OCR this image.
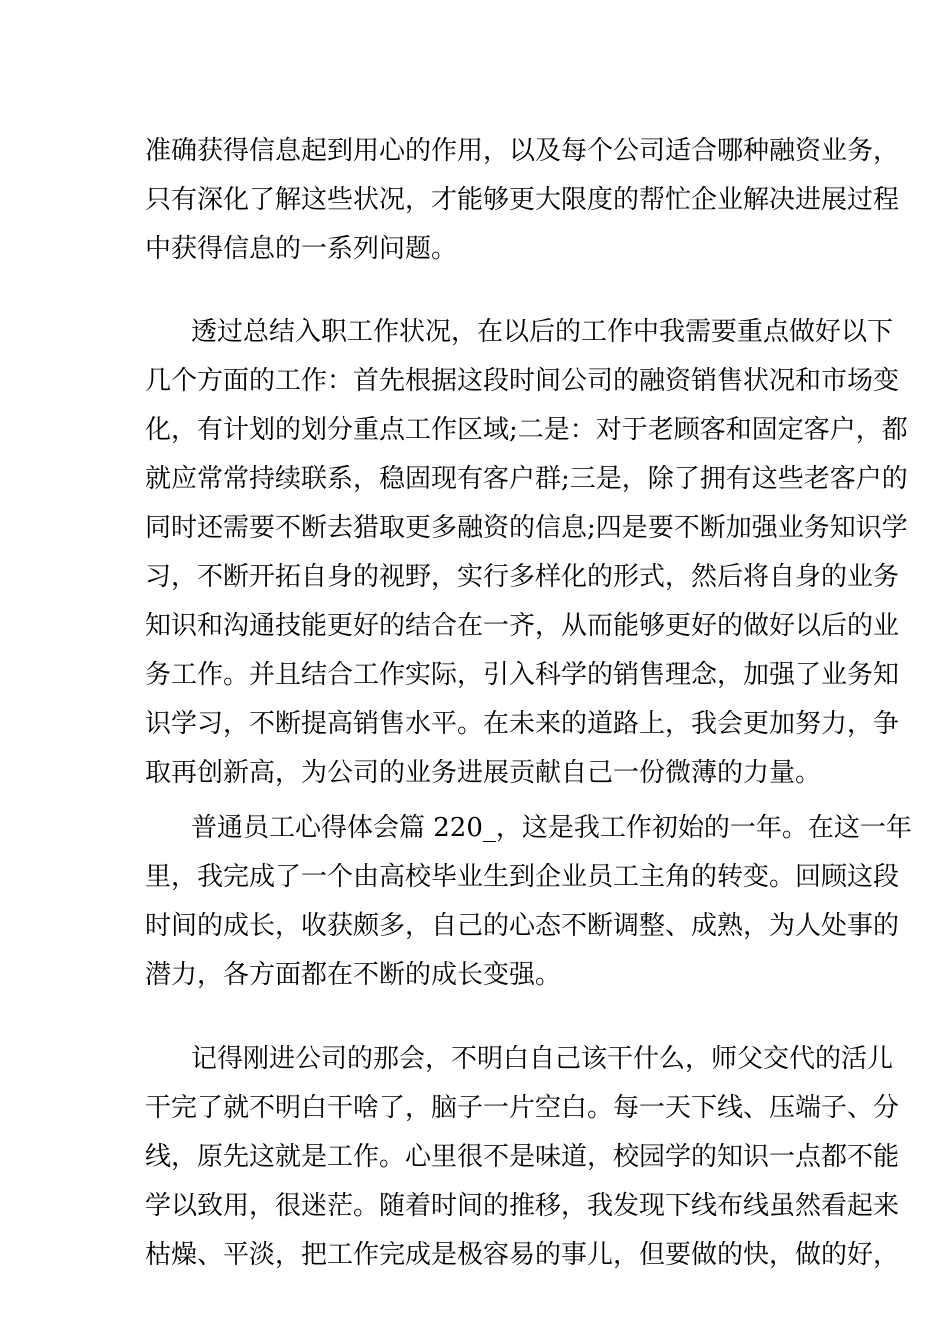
准确获得信息起到用心的作用，以及每个公司适合哪种融资业务，
只有深化了解这些状况，才能够更大限度的帮忙企业解决进展过程
中获得信息的一系列问题。
透过总结入职工作状况，在以后的工作中我需要重点做好以下
几个方面的工作：首先根据这段时间公司的融资销售状况和市场变
化，有计划的划分重点工作区域;二是：对于老顾客和固定客户，都
就应常常持续联系，稳固现有客户群;三是，除了拥有这些老客户的
同时还需要不断去猎取更多融资的信息;四是要不断加强业务知识学
习，不断开拓自身的视野，实行多样化的形式，然后将自身的业务
知识和沟通技能更好的结合在一齐，从而能够更好的做好以后的业
务工作。并且结合工作实际，引入科学的销售理念，加强了业务知
识学习，不断提高销售水平。在未来的道路上，我会更加努力，争
取再创新高，为公司的业务进展贡献自己一份微薄的力量。
普通员工心得体会篇 220_，这是我工作初始的一年。在这一年
里，我完成了一个由高校毕业生到企业员工主角的转变。回顾这段
时间的成长，收获颇多，自己的心态不断调整、成熟，为人处事的
潜力，各方面都在不断的成长变强。
记得刚进公司的那会，不明白自己该干什么，师父交代的活儿
干完了就不明白干啥了，脑子一片空白。每一天下线、压端子、分
线，原先这就是工作。心里很不是味道，校园学的知识一点都不能
学以致用，很迷茫。随着时间的推移，我发现下线布线虽然看起来
枯燥、平淡，把工作完成是极容易的事儿，但要做的快，做的好，
